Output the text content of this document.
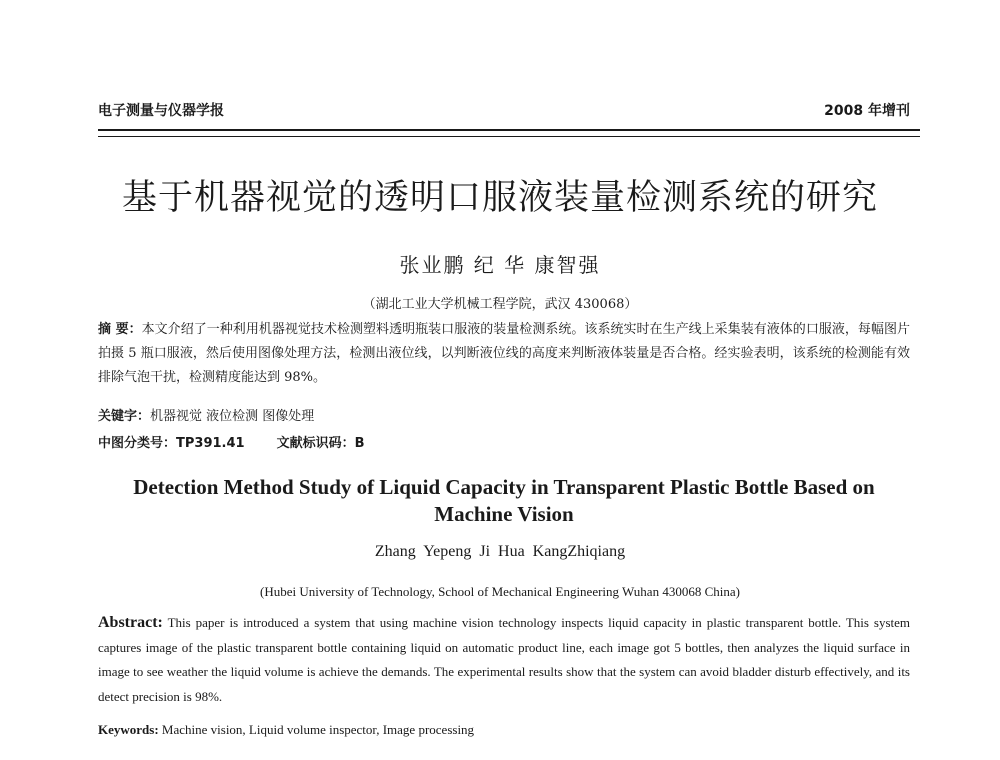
电子测量与仪器学报	2008 年增刊
基于机器视觉的透明口服液装量检测系统的研究
张业鹏 纪 华 康智强
（湖北工业大学机械工程学院，武汉 430068）
摘 要：本文介绍了一种利用机器视觉技术检测塑料透明瓶装口服液的装量检测系统。该系统实时在生产线上采集装有液体的口服液，每幅图片拍摄 5 瓶口服液，然后使用图像处理方法，检测出液位线，以判断液位线的高度来判断液体装量是否合格。经实验表明，该系统的检测能有效排除气泡干扰，检测精度能达到 98%。
关键字：机器视觉 液位检测 图像处理
中图分类号：TP391.41 文献标识码：B
Detection Method Study of Liquid Capacity in Transparent Plastic Bottle Based on Machine Vision
Zhang Yepeng Ji Hua KangZhiqiang
(Hubei University of Technology, School of Mechanical Engineering Wuhan 430068 China)
Abstract: This paper is introduced a system that using machine vision technology inspects liquid capacity in plastic transparent bottle. This system captures image of the plastic transparent bottle containing liquid on automatic product line, each image got 5 bottles, then analyzes the liquid surface in image to see weather the liquid volume is achieve the demands. The experimental results show that the system can avoid bladder disturb effectively, and its detect precision is 98%.
Keywords: Machine vision, Liquid volume inspector, Image processing
